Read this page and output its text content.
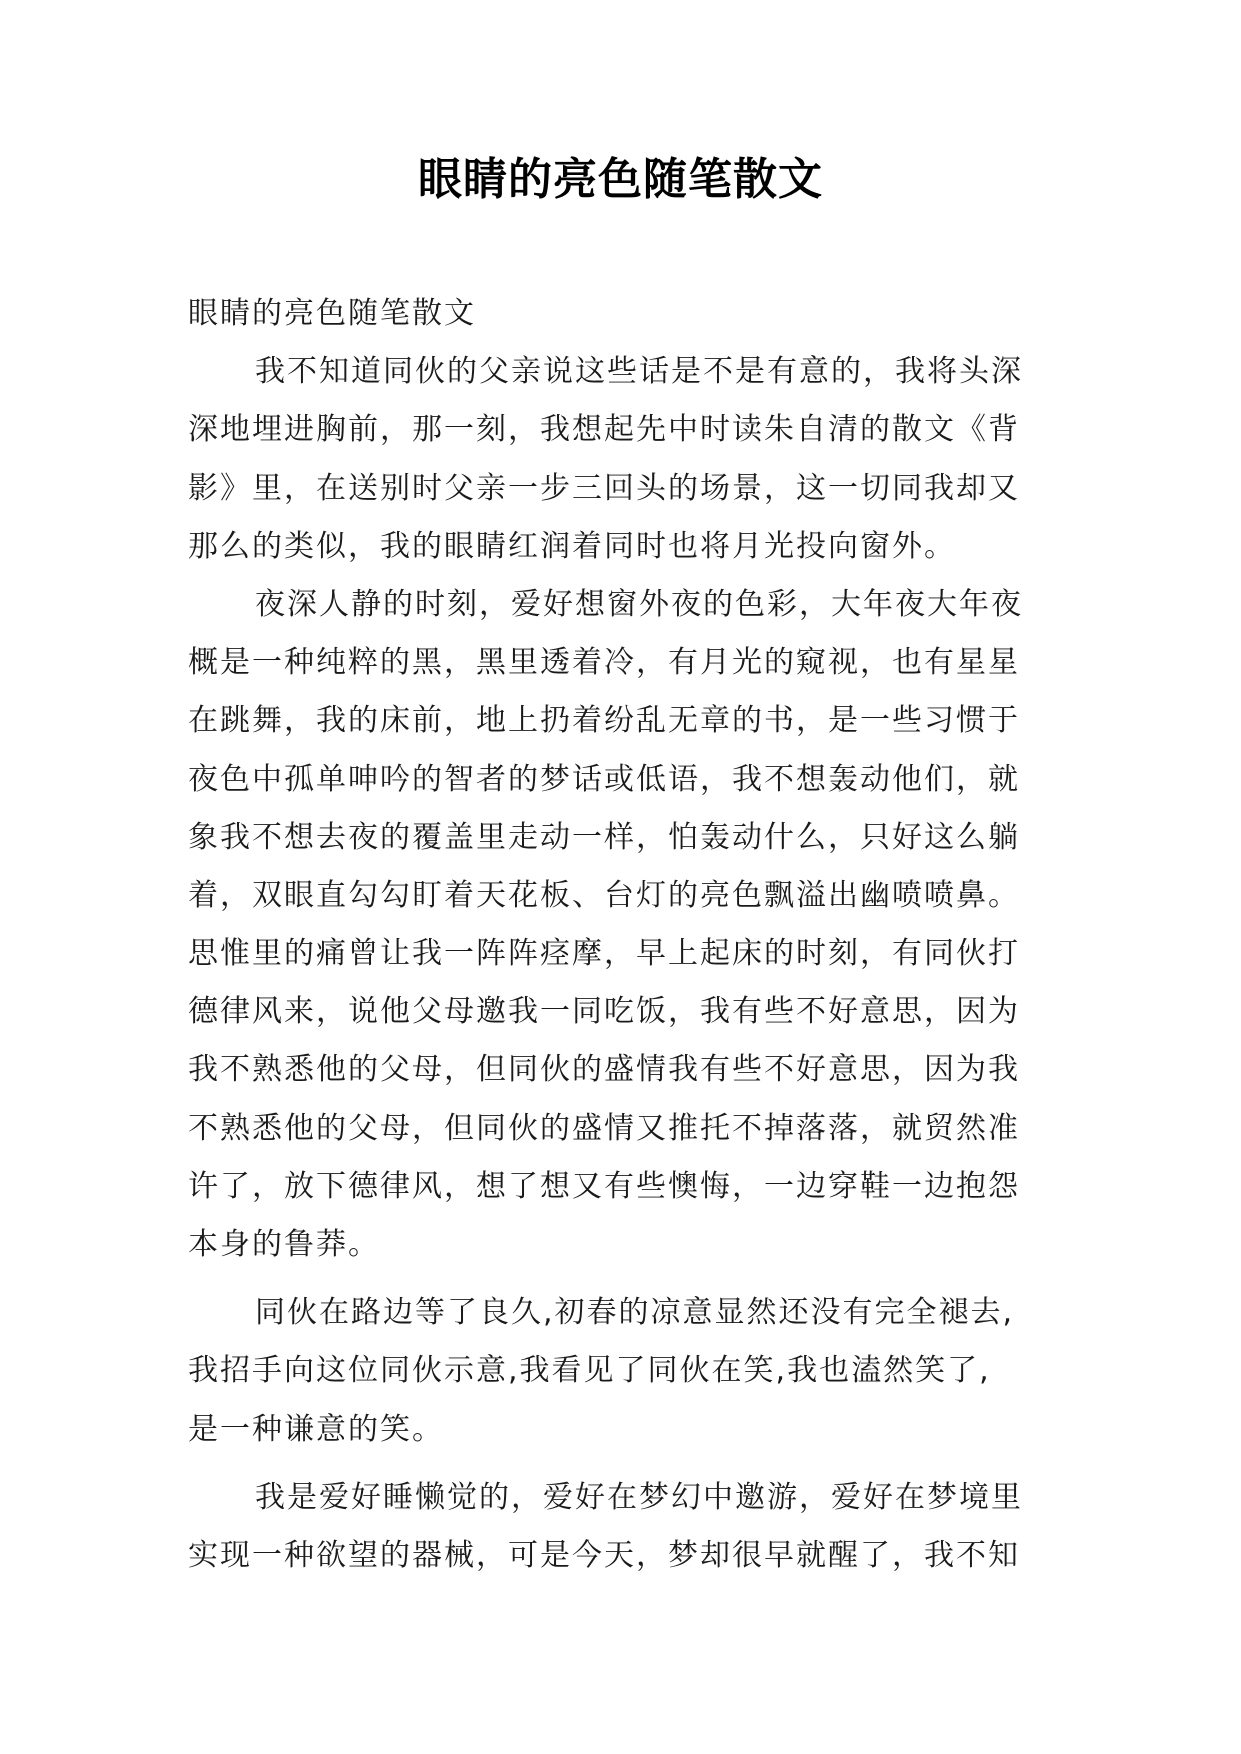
眼睛的亮色随笔散文
眼睛的亮色随笔散文
我不知道同伙的父亲说这些话是不是有意的，我将头深
深地埋进胸前，那一刻，我想起先中时读朱自清的散文《背
影》里，在送别时父亲一步三回头的场景，这一切同我却又
那么的类似，我的眼睛红润着同时也将月光投向窗外。
夜深人静的时刻，爱好想窗外夜的色彩，大年夜大年夜
概是一种纯粹的黑，黑里透着冷，有月光的窥视，也有星星
在跳舞，我的床前，地上扔着纷乱无章的书，是一些习惯于
夜色中孤单呻吟的智者的梦话或低语，我不想轰动他们，就
象我不想去夜的覆盖里走动一样，怕轰动什么，只好这么躺
着，双眼直勾勾盯着天花板、台灯的亮色飘溢出幽喷喷鼻。
思惟里的痛曾让我一阵阵痉摩，早上起床的时刻，有同伙打
德律风来，说他父母邀我一同吃饭，我有些不好意思，因为
我不熟悉他的父母，但同伙的盛情我有些不好意思，因为我
不熟悉他的父母，但同伙的盛情又推托不掉落落，就贸然准
许了，放下德律风，想了想又有些懊悔，一边穿鞋一边抱怨
本身的鲁莽。
同伙在路边等了良久,初春的凉意显然还没有完全褪去,
我招手向这位同伙示意,我看见了同伙在笑,我也溘然笑了,
是一种谦意的笑。
我是爱好睡懒觉的，爱好在梦幻中邀游，爱好在梦境里
实现一种欲望的器械，可是今天，梦却很早就醒了，我不知
